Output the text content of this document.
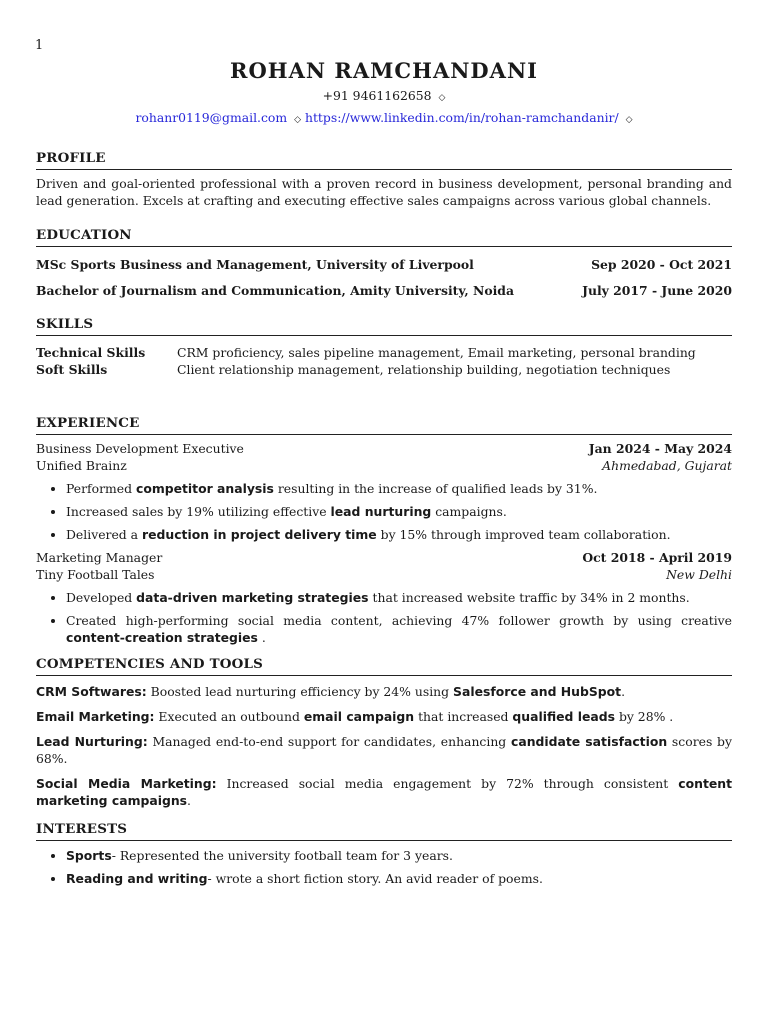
1
ROHAN RAMCHANDANI
+91 9461162658 ◇
rohanr0119@gmail.com ◇ https://www.linkedin.com/in/rohan-ramchandanir/ ◇
PROFILE
Driven and goal-oriented professional with a proven record in business development, personal branding and lead generation. Excels at crafting and executing effective sales campaigns across various global channels.
EDUCATION
MSc Sports Business and Management, University of Liverpool	Sep 2020 - Oct 2021
Bachelor of Journalism and Communication, Amity University, Noida	July 2017 - June 2020
SKILLS
Technical Skills	CRM proficiency, sales pipeline management, Email marketing, personal branding
Soft Skills	Client relationship management, relationship building, negotiation techniques
EXPERIENCE
Business Development Executive	Jan 2024 - May 2024
Unified Brainz	Ahmedabad, Gujarat
• Performed competitor analysis resulting in the increase of qualified leads by 31%.
• Increased sales by 19% utilizing effective lead nurturing campaigns.
• Delivered a reduction in project delivery time by 15% through improved team collaboration.
Marketing Manager	Oct 2018 - April 2019
Tiny Football Tales	New Delhi
• Developed data-driven marketing strategies that increased website traffic by 34% in 2 months.
• Created high-performing social media content, achieving 47% follower growth by using creative content-creation strategies .
COMPETENCIES AND TOOLS
CRM Softwares: Boosted lead nurturing efficiency by 24% using Salesforce and HubSpot.
Email Marketing: Executed an outbound email campaign that increased qualified leads by 28% .
Lead Nurturing: Managed end-to-end support for candidates, enhancing candidate satisfaction scores by 68%.
Social Media Marketing: Increased social media engagement by 72% through consistent content marketing campaigns.
INTERESTS
• Sports- Represented the university football team for 3 years.
• Reading and writing- wrote a short fiction story. An avid reader of poems.
